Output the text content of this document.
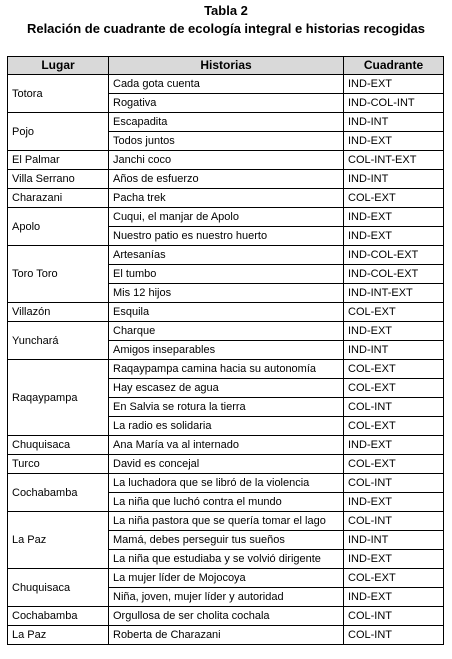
Tabla 2
Relación de cuadrante de ecología integral e historias recogidas
Lugar	Historias	Cuadrante
Totora	Cada gota cuenta	IND-EXT
	Rogativa	IND-COL-INT
Pojo	Escapadita	IND-INT
	Todos juntos	IND-EXT
El Palmar	Janchi coco	COL-INT-EXT
Villa Serrano	Años de esfuerzo	IND-INT
Charazani	Pacha trek	COL-EXT
Apolo	Cuqui, el manjar de Apolo	IND-EXT
	Nuestro patio es nuestro huerto	IND-EXT
Toro Toro	Artesanías	IND-COL-EXT
	El tumbo	IND-COL-EXT
	Mis 12 hijos	IND-INT-EXT
Villazón	Esquila	COL-EXT
Yunchará	Charque	IND-EXT
	Amigos inseparables	IND-INT
Raqaypampa	Raqaypampa camina hacia su autonomía	COL-EXT
	Hay escasez de agua	COL-EXT
	En Salvia se rotura la tierra	COL-INT
	La radio es solidaria	COL-EXT
Chuquisaca	Ana María va al internado	IND-EXT
Turco	David es concejal	COL-EXT
Cochabamba	La luchadora que se libró de la violencia	COL-INT
	La niña que luchó contra el mundo	IND-EXT
La Paz	La niña pastora que se quería tomar el lago	COL-INT
	Mamá, debes perseguir tus sueños	IND-INT
	La niña que estudiaba y se volvió dirigente	IND-EXT
Chuquisaca	La mujer líder de Mojocoya	COL-EXT
	Niña, joven, mujer líder y autoridad	IND-EXT
Cochabamba	Orgullosa de ser cholita cochala	COL-INT
La Paz	Roberta de Charazani	COL-INT
